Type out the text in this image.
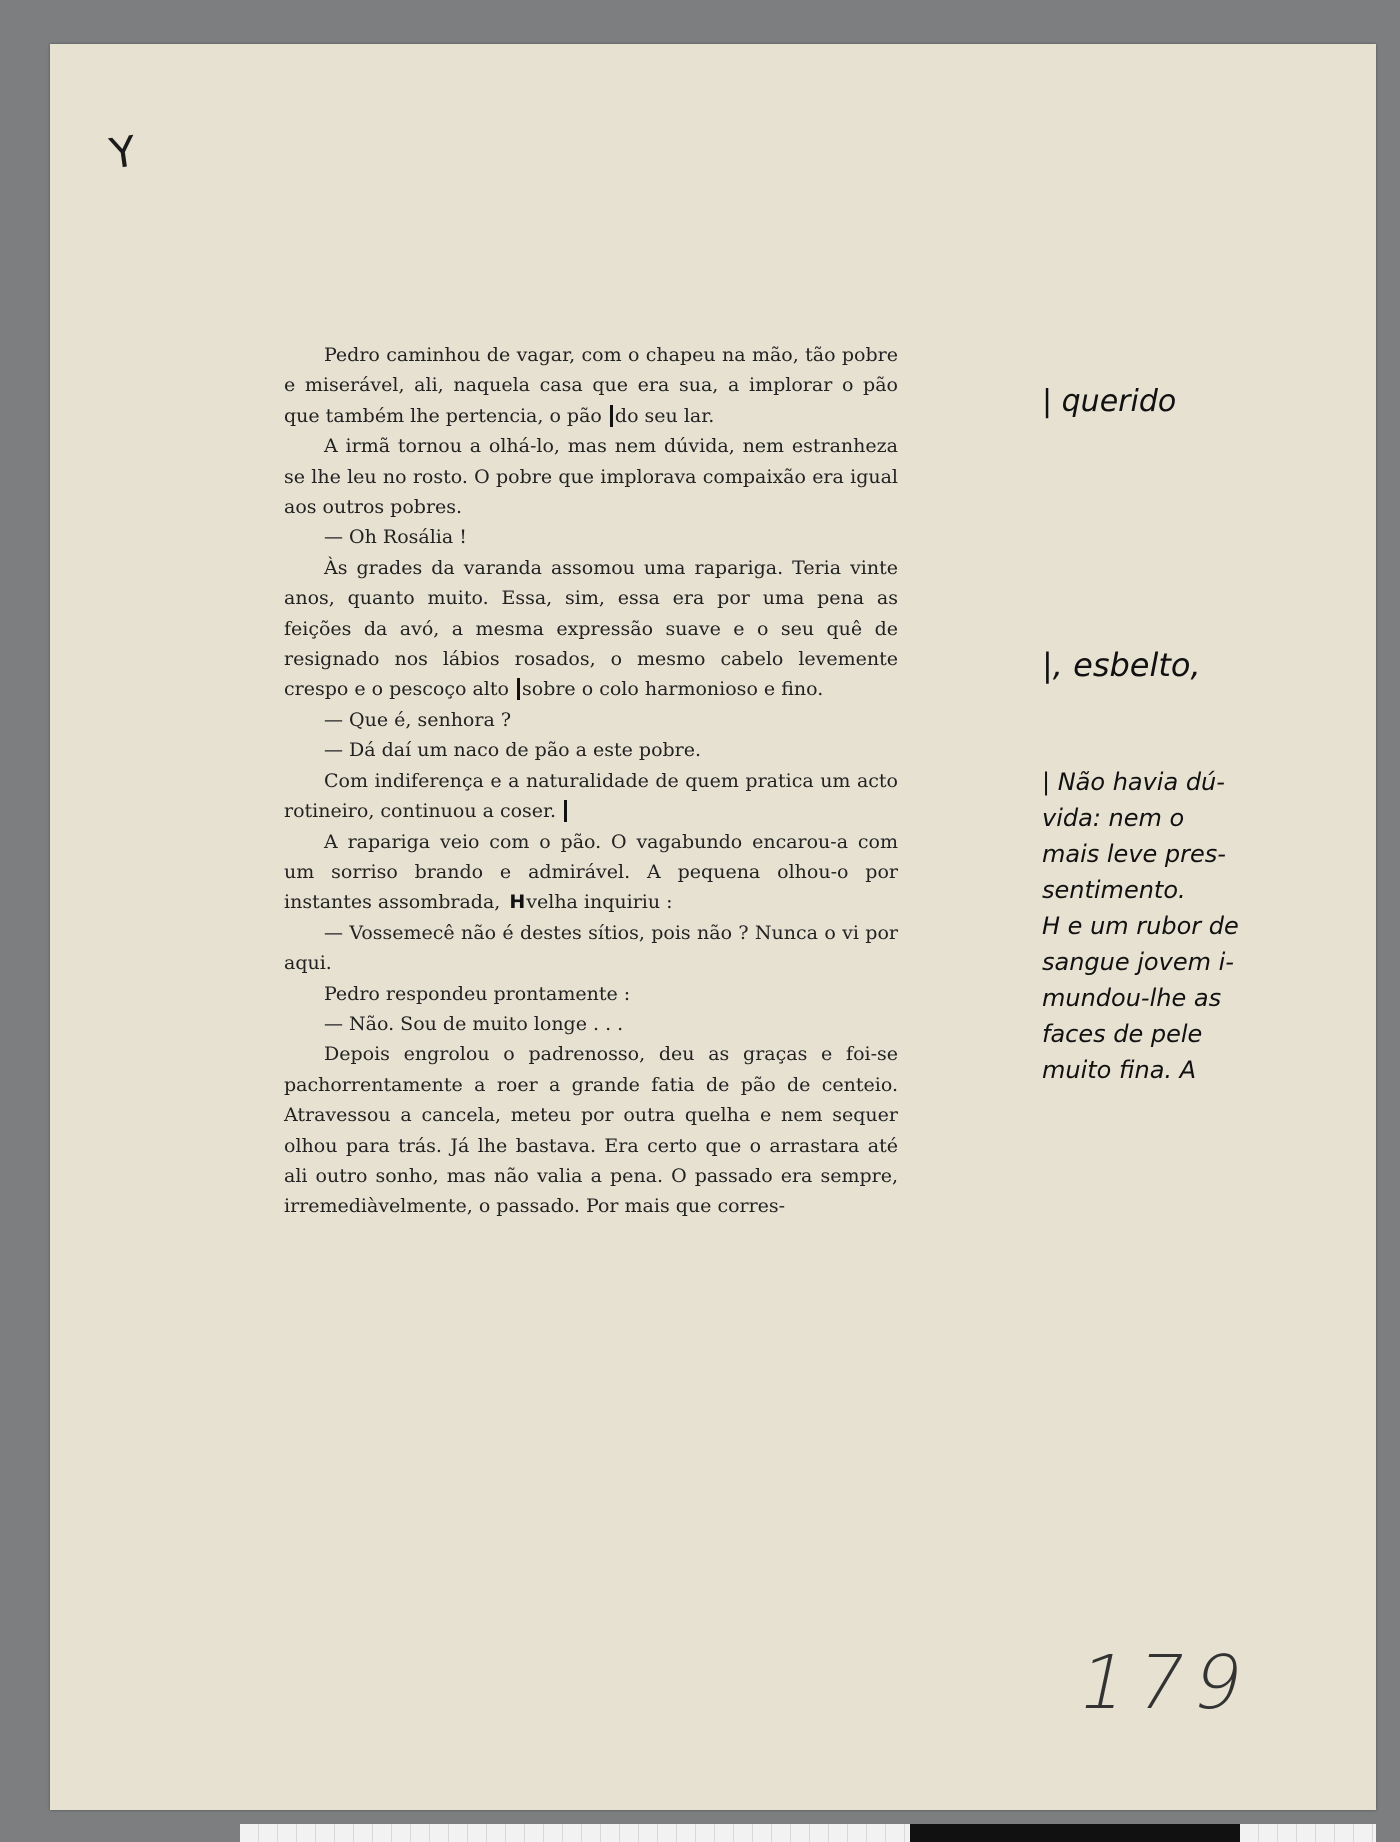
Y

Pedro caminhou de vagar, com o chapeu na mão, tão pobre e miserável, ali, naquela casa que era sua, a implorar o pão que também lhe pertencia, o pão do seu lar.

A irmã tornou a olhá-lo, mas nem dúvida, nem estranheza se lhe leu no rosto. O pobre que implorava compaixão era igual aos outros pobres.

— Oh Rosália !

Às grades da varanda assomou uma rapariga. Teria vinte anos, quanto muito. Essa, sim, essa era por uma pena as feições da avó, a mesma expressão suave e o seu quê de resignado nos lábios rosados, o mesmo cabelo levemente crespo e o pescoço alto sobre o colo harmonioso e fino.

— Que é, senhora ?

— Dá daí um naco de pão a este pobre.

Com indiferença e a naturalidade de quem pratica um acto rotineiro, continuou a coser.

A rapariga veio com o pão. O vagabundo encarou-a com um sorriso brando e admirável. A pequena olhou-o por instantes assombrada, H velha inquiriu :

— Vossemecê não é destes sítios, pois não ? Nunca o vi por aqui.

Pedro respondeu prontamente :

— Não. Sou de muito longe . . .

Depois engrolou o padrenosso, deu as graças e foi-se pachorrentamente a roer a grande fatia de pão de centeio. Atravessou a cancela, meteu por outra quelha e nem sequer olhou para trás. Já lhe bastava. Era certo que o arrastara até ali outro sonho, mas não valia a pena. O passado era sempre, irremediàvelmente, o passado. Por mais que corres-

| querido
|, esbelto,
| Não havia dú-
vida: nem o
mais leve pres-
sentimento.
H e um rubor de
sangue jovem i-
mundou-lhe as
faces de pele
muito fina. A
179
